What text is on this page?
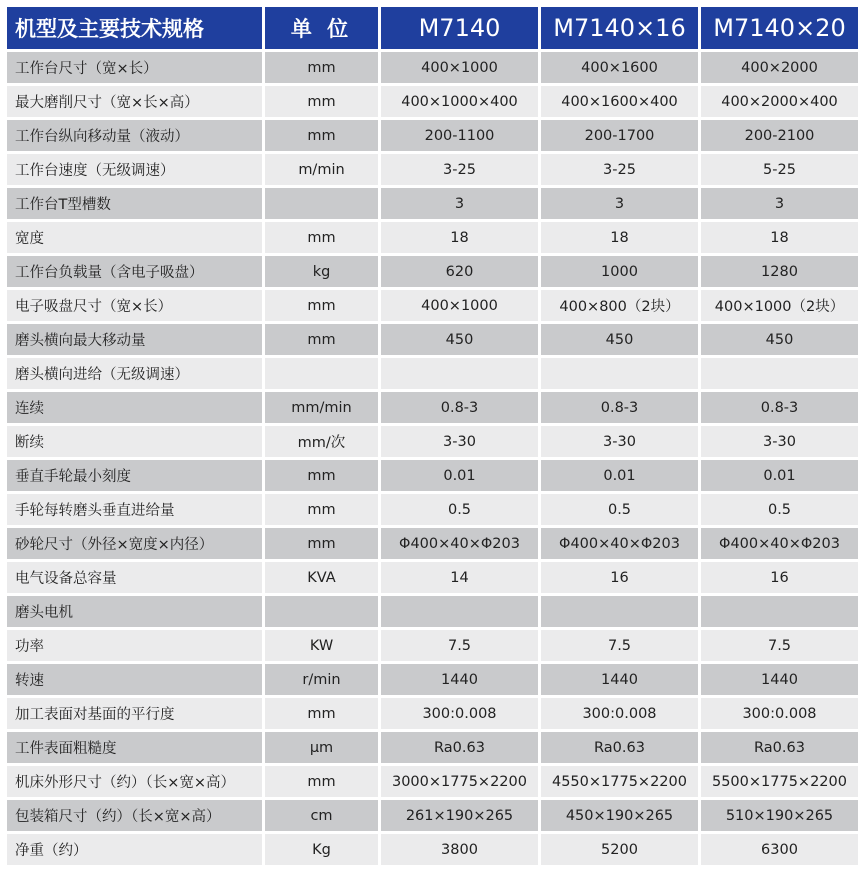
机型及主要技术规格	单 位	M7140	M7140×16	M7140×20
工作台尺寸（宽×长）	mm	400×1000	400×1600	400×2000
最大磨削尺寸（宽×长×高）	mm	400×1000×400	400×1600×400	400×2000×400
工作台纵向移动量（液动）	mm	200-1100	200-1700	200-2100
工作台速度（无级调速）	m/min	3-25	3-25	5-25
工作台T型槽数		3	3	3
宽度	mm	18	18	18
工作台负载量（含电子吸盘）	kg	620	1000	1280
电子吸盘尺寸（宽×长）	mm	400×1000	400×800（2块）	400×1000（2块）
磨头横向最大移动量	mm	450	450	450
磨头横向进给（无级调速）				
连续	mm/min	0.8-3	0.8-3	0.8-3
断续	mm/次	3-30	3-30	3-30
垂直手轮最小刻度	mm	0.01	0.01	0.01
手轮每转磨头垂直进给量	mm	0.5	0.5	0.5
砂轮尺寸（外径×宽度×内径）	mm	Φ400×40×Φ203	Φ400×40×Φ203	Φ400×40×Φ203
电气设备总容量	KVA	14	16	16
磨头电机				
功率	KW	7.5	7.5	7.5
转速	r/min	1440	1440	1440
加工表面对基面的平行度	mm	300:0.008	300:0.008	300:0.008
工件表面粗糙度	μm	Ra0.63	Ra0.63	Ra0.63
机床外形尺寸（约）（长×宽×高）	mm	3000×1775×2200	4550×1775×2200	5500×1775×2200
包装箱尺寸（约）（长×宽×高）	cm	261×190×265	450×190×265	510×190×265
净重（约）	Kg	3800	5200	6300
